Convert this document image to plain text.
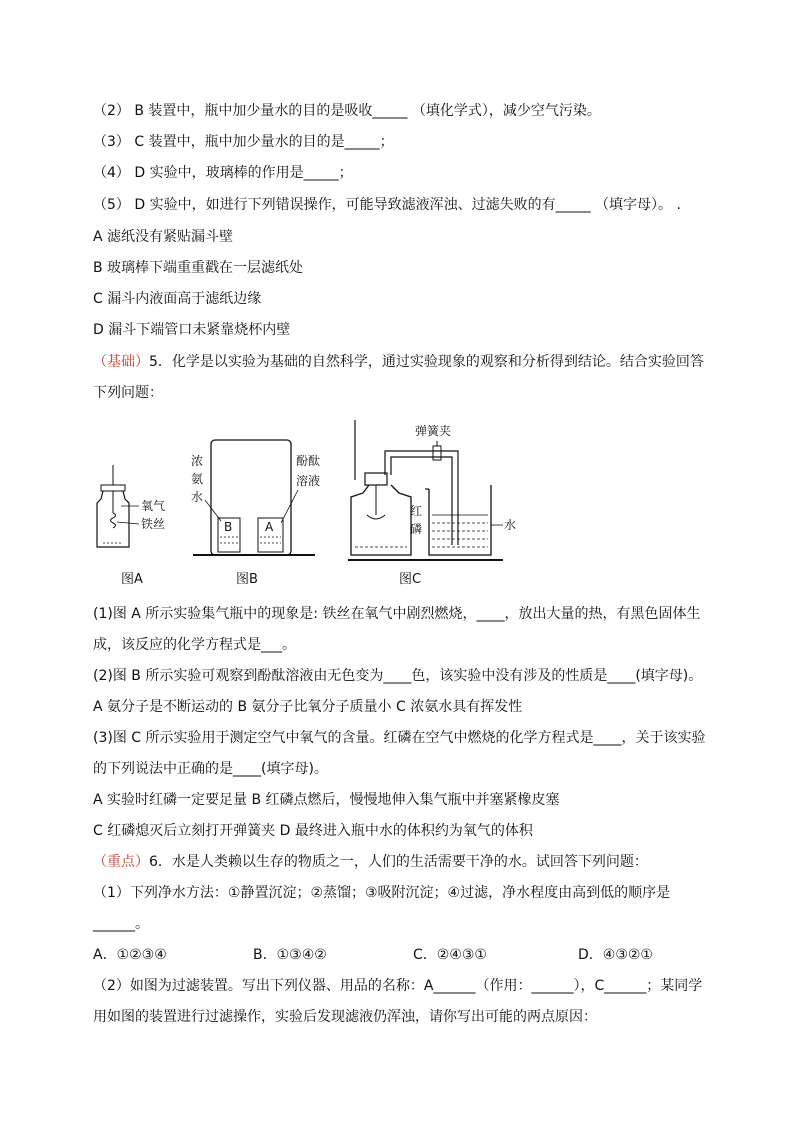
（2） B 装置中，瓶中加少量水的目的是吸收_____ （填化学式），减少空气污染。
（3） C 装置中，瓶中加少量水的目的是_____；
（4） D 实验中，玻璃棒的作用是_____；
（5） D 实验中，如进行下列错误操作，可能导致滤液浑浊、过滤失败的有_____ （填字母）。 .
A 滤纸没有紧贴漏斗壁
B 玻璃棒下端重重戳在一层滤纸处
C 漏斗内液面高于滤纸边缘
D 漏斗下端管口未紧靠烧杯内壁
（基础）5．化学是以实验为基础的自然科学，通过实验现象的观察和分析得到结论。结合实验回答
下列问题：
氧气
铁丝	B	A
浓
氨
水
酚酞
溶液
弹簧夹
红
磷	水
图A	图B	图C
(1)图 A 所示实验集气瓶中的现象是: 铁丝在氧气中剧烈燃烧，____，放出大量的热，有黑色固体生
成，该反应的化学方程式是___。
(2)图 B 所示实验可观察到酚酞溶液由无色变为____色，该实验中没有涉及的性质是____(填字母)。
A 氨分子是不断运动的 B 氨分子比氧分子质量小 C 浓氨水具有挥发性
(3)图 C 所示实验用于测定空气中氧气的含量。红磷在空气中燃烧的化学方程式是____，关于该实验
的下列说法中正确的是____(填字母)。
A 实验时红磷一定要足量 B 红磷点燃后，慢慢地伸入集气瓶中并塞紧橡皮塞
C 红磷熄灭后立刻打开弹簧夹 D 最终进入瓶中水的体积约为氧气的体积
（重点）6．水是人类赖以生存的物质之一，人们的生活需要干净的水。试回答下列问题：
（1）下列净水方法：①静置沉淀；②蒸馏；③吸附沉淀；④过滤，净水程度由高到低的顺序是
______。
A．①②③④	B．①③④②	C．②④③①	D．④③②①
（2）如图为过滤装置。写出下列仪器、用品的名称：A______（作用：______），C______；某同学
用如图的装置进行过滤操作，实验后发现滤液仍浑浊，请你写出可能的两点原因：
